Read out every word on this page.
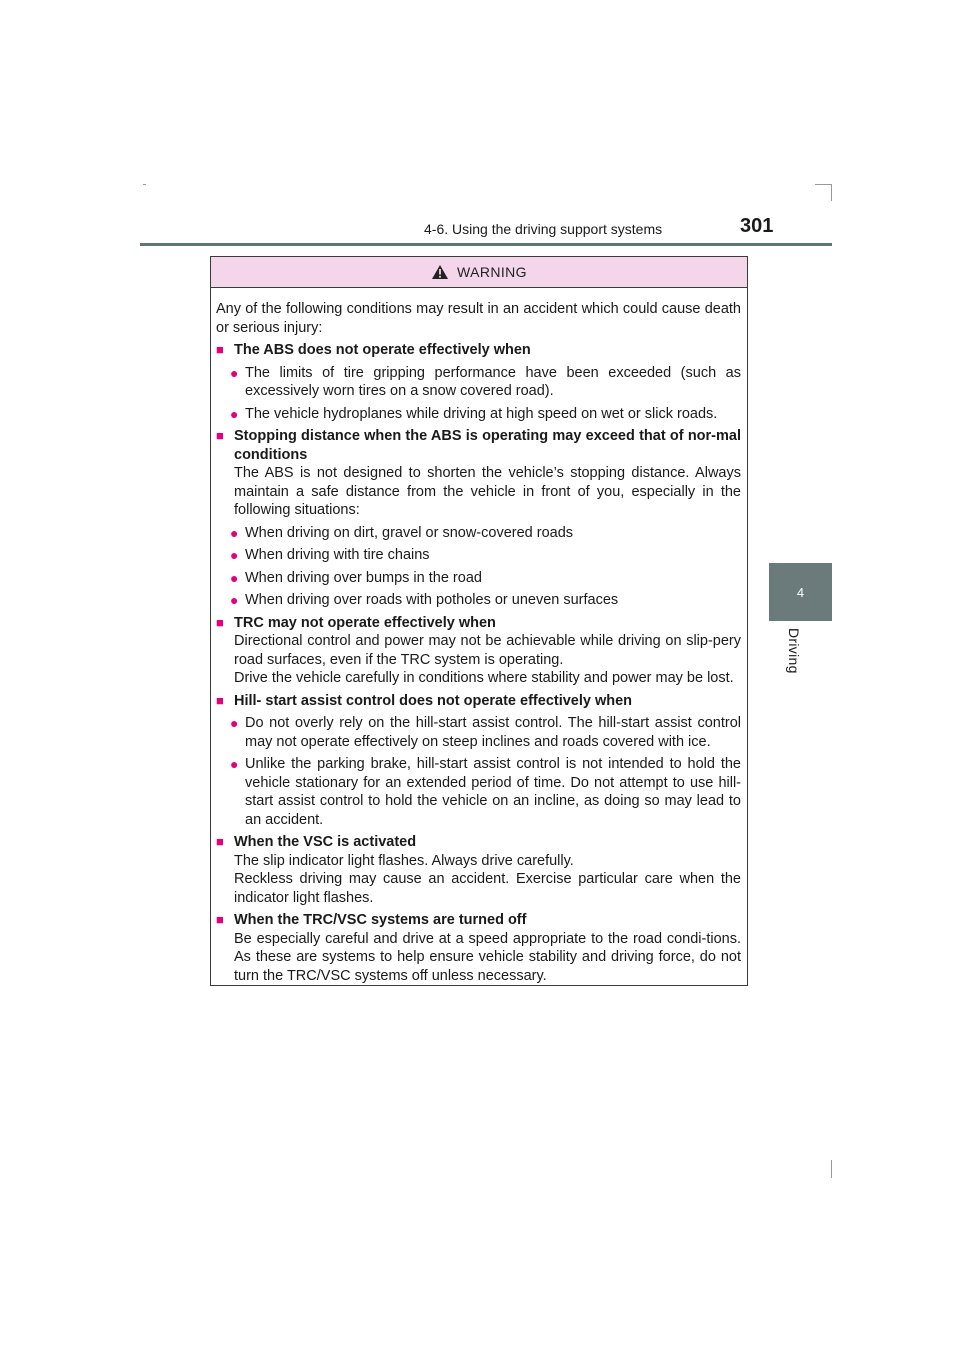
4-6. Using the driving support systems	301
4
Driving
WARNING

Any of the following conditions may result in an accident which could cause death or serious injury:

■ The ABS does not operate effectively when
● The limits of tire gripping performance have been exceeded (such as excessively worn tires on a snow covered road).
● The vehicle hydroplanes while driving at high speed on wet or slick roads.
■ Stopping distance when the ABS is operating may exceed that of nor-mal conditions
The ABS is not designed to shorten the vehicle’s stopping distance. Always maintain a safe distance from the vehicle in front of you, especially in the following situations:
● When driving on dirt, gravel or snow-covered roads
● When driving with tire chains
● When driving over bumps in the road
● When driving over roads with potholes or uneven surfaces
■ TRC may not operate effectively when
Directional control and power may not be achievable while driving on slip-pery road surfaces, even if the TRC system is operating.
Drive the vehicle carefully in conditions where stability and power may be lost.
■ Hill- start assist control does not operate effectively when
● Do not overly rely on the hill-start assist control. The hill-start assist control may not operate effectively on steep inclines and roads covered with ice.
● Unlike the parking brake, hill-start assist control is not intended to hold the vehicle stationary for an extended period of time. Do not attempt to use hill-start assist control to hold the vehicle on an incline, as doing so may lead to an accident.
■ When the VSC is activated
The slip indicator light flashes. Always drive carefully.
Reckless driving may cause an accident. Exercise particular care when the indicator light flashes.
■ When the TRC/VSC systems are turned off
Be especially careful and drive at a speed appropriate to the road condi-tions. As these are systems to help ensure vehicle stability and driving force, do not turn the TRC/VSC systems off unless necessary.
